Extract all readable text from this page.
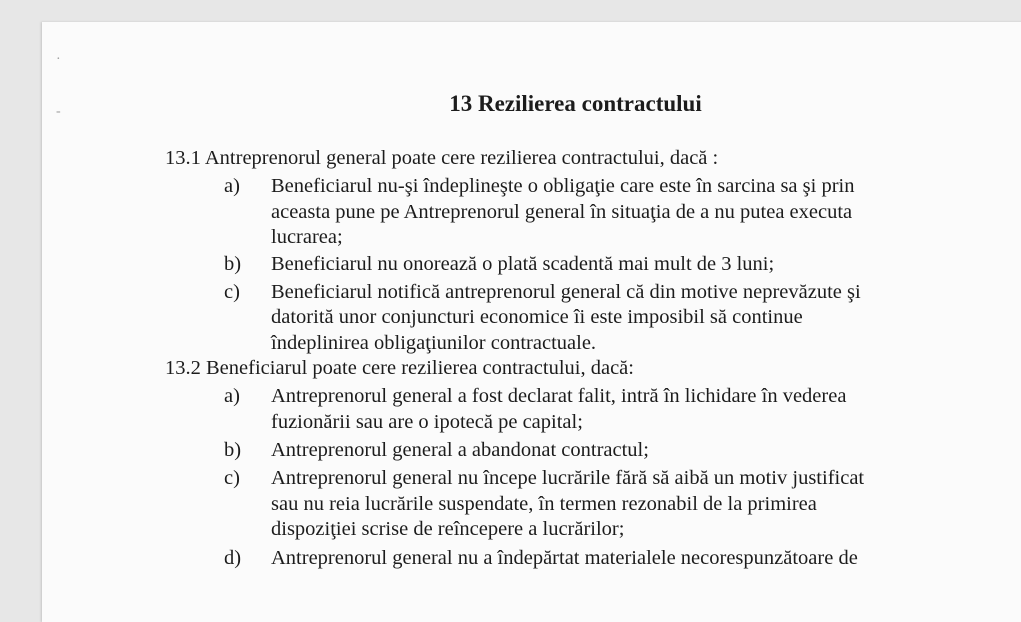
·
-	13 Rezilierea contractului
13.1 Antreprenorul general poate cere rezilierea contractului, dacă :
a) Beneficiarul nu-şi îndeplineşte o obligaţie care este în sarcina sa şi prin
aceasta pune pe Antreprenorul general în situaţia de a nu putea executa
lucrarea;
b) Beneficiarul nu onorează o plată scadentă mai mult de 3 luni;
c) Beneficiarul notifică antreprenorul general că din motive neprevăzute şi
datorită unor conjuncturi economice îi este imposibil să continue
îndeplinirea obligaţiunilor contractuale.
13.2 Beneficiarul poate cere rezilierea contractului, dacă:
a) Antreprenorul general a fost declarat falit, intră în lichidare în vederea
fuzionării sau are o ipotecă pe capital;
b) Antreprenorul general a abandonat contractul;
c) Antreprenorul general nu începe lucrările fără să aibă un motiv justificat
sau nu reia lucrările suspendate, în termen rezonabil de la primirea
dispoziţiei scrise de reîncepere a lucrărilor;
d) Antreprenorul general nu a îndepărtat materialele necorespunzătoare de
